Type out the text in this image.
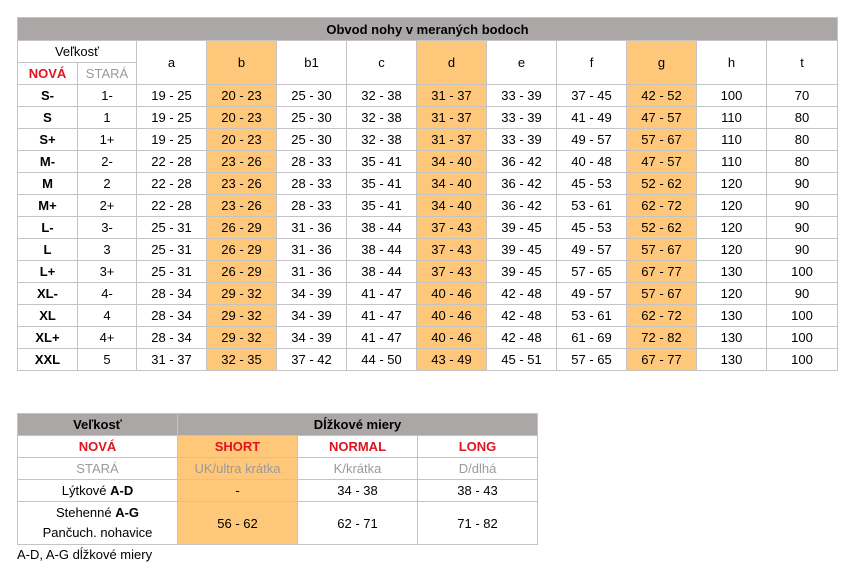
Obvod nohy v meraných bodoch											
Veľkosť		a	b	b1	c	d	e	f	g	h	t
NOVÁ	STARÁ										
S-	1-	19 - 25	20 - 23	25 - 30	32 - 38	31 - 37	33 - 39	37 - 45	42 - 52	100	70
S	1	19 - 25	20 - 23	25 - 30	32 - 38	31 - 37	33 - 39	41 - 49	47 - 57	110	80
S+	1+	19 - 25	20 - 23	25 - 30	32 - 38	31 - 37	33 - 39	49 - 57	57 - 67	110	80
M-	2-	22 - 28	23 - 26	28 - 33	35 - 41	34 - 40	36 - 42	40 - 48	47 - 57	110	80
M	2	22 - 28	23 - 26	28 - 33	35 - 41	34 - 40	36 - 42	45 - 53	52 - 62	120	90
M+	2+	22 - 28	23 - 26	28 - 33	35 - 41	34 - 40	36 - 42	53 - 61	62 - 72	120	90
L-	3-	25 - 31	26 - 29	31 - 36	38 - 44	37 - 43	39 - 45	45 - 53	52 - 62	120	90
L	3	25 - 31	26 - 29	31 - 36	38 - 44	37 - 43	39 - 45	49 - 57	57 - 67	120	90
L+	3+	25 - 31	26 - 29	31 - 36	38 - 44	37 - 43	39 - 45	57 - 65	67 - 77	130	100
XL-	4-	28 - 34	29 - 32	34 - 39	41 - 47	40 - 46	42 - 48	49 - 57	57 - 67	120	90
XL	4	28 - 34	29 - 32	34 - 39	41 - 47	40 - 46	42 - 48	53 - 61	62 - 72	130	100
XL+	4+	28 - 34	29 - 32	34 - 39	41 - 47	40 - 46	42 - 48	61 - 69	72 - 82	130	100
XXL	5	31 - 37	32 - 35	37 - 42	44 - 50	43 - 49	45 - 51	57 - 65	67 - 77	130	100
Veľkosť	Dĺžkové miery		
NOVÁ	SHORT	NORMAL	LONG
STARÁ	UK/ultra krátka	K/krátka	D/dlhá
Lýtkové A-D	-	34 - 38	38 - 43
Stehenné A-G
Pančuch. nohavice	56 - 62	62 - 71	71 - 82
A-D, A-G dĺžkové miery
